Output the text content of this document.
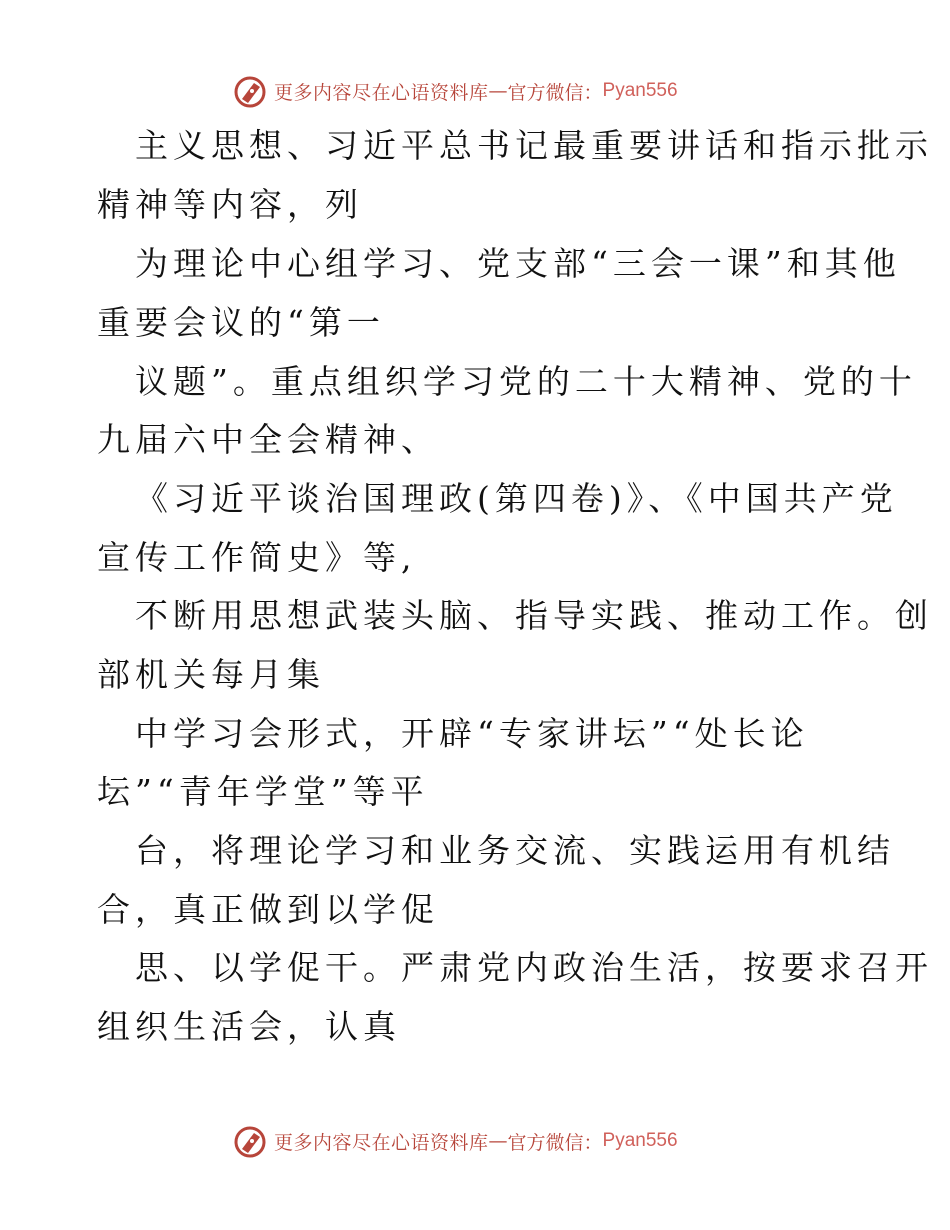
更多内容尽在心语资料库 — 官方微信： Pyan556
主义思想、习近平总书记最重要讲话和指示批示
精神等内容，列
为理论中心组学习、党支部“三会一课”和其他
重要会议的“第一
议题”。重点组织学习党的二十大精神、党的十
九届六中全会精神、
《习近平谈治国理政(第四卷)》、《中国共产党
宣传工作简史》等,
不断用思想武装头脑、指导实践、推动工作。创
部机关每月集
中学习会形式，开辟“专家讲坛”“处长论
坛”“青年学堂”等平
台，将理论学习和业务交流、实践运用有机结
合，真正做到以学促
思、以学促干。严肃党内政治生活，按要求召开
组织生活会，认真
更多内容尽在心语资料库 — 官方微信： Pyan556
